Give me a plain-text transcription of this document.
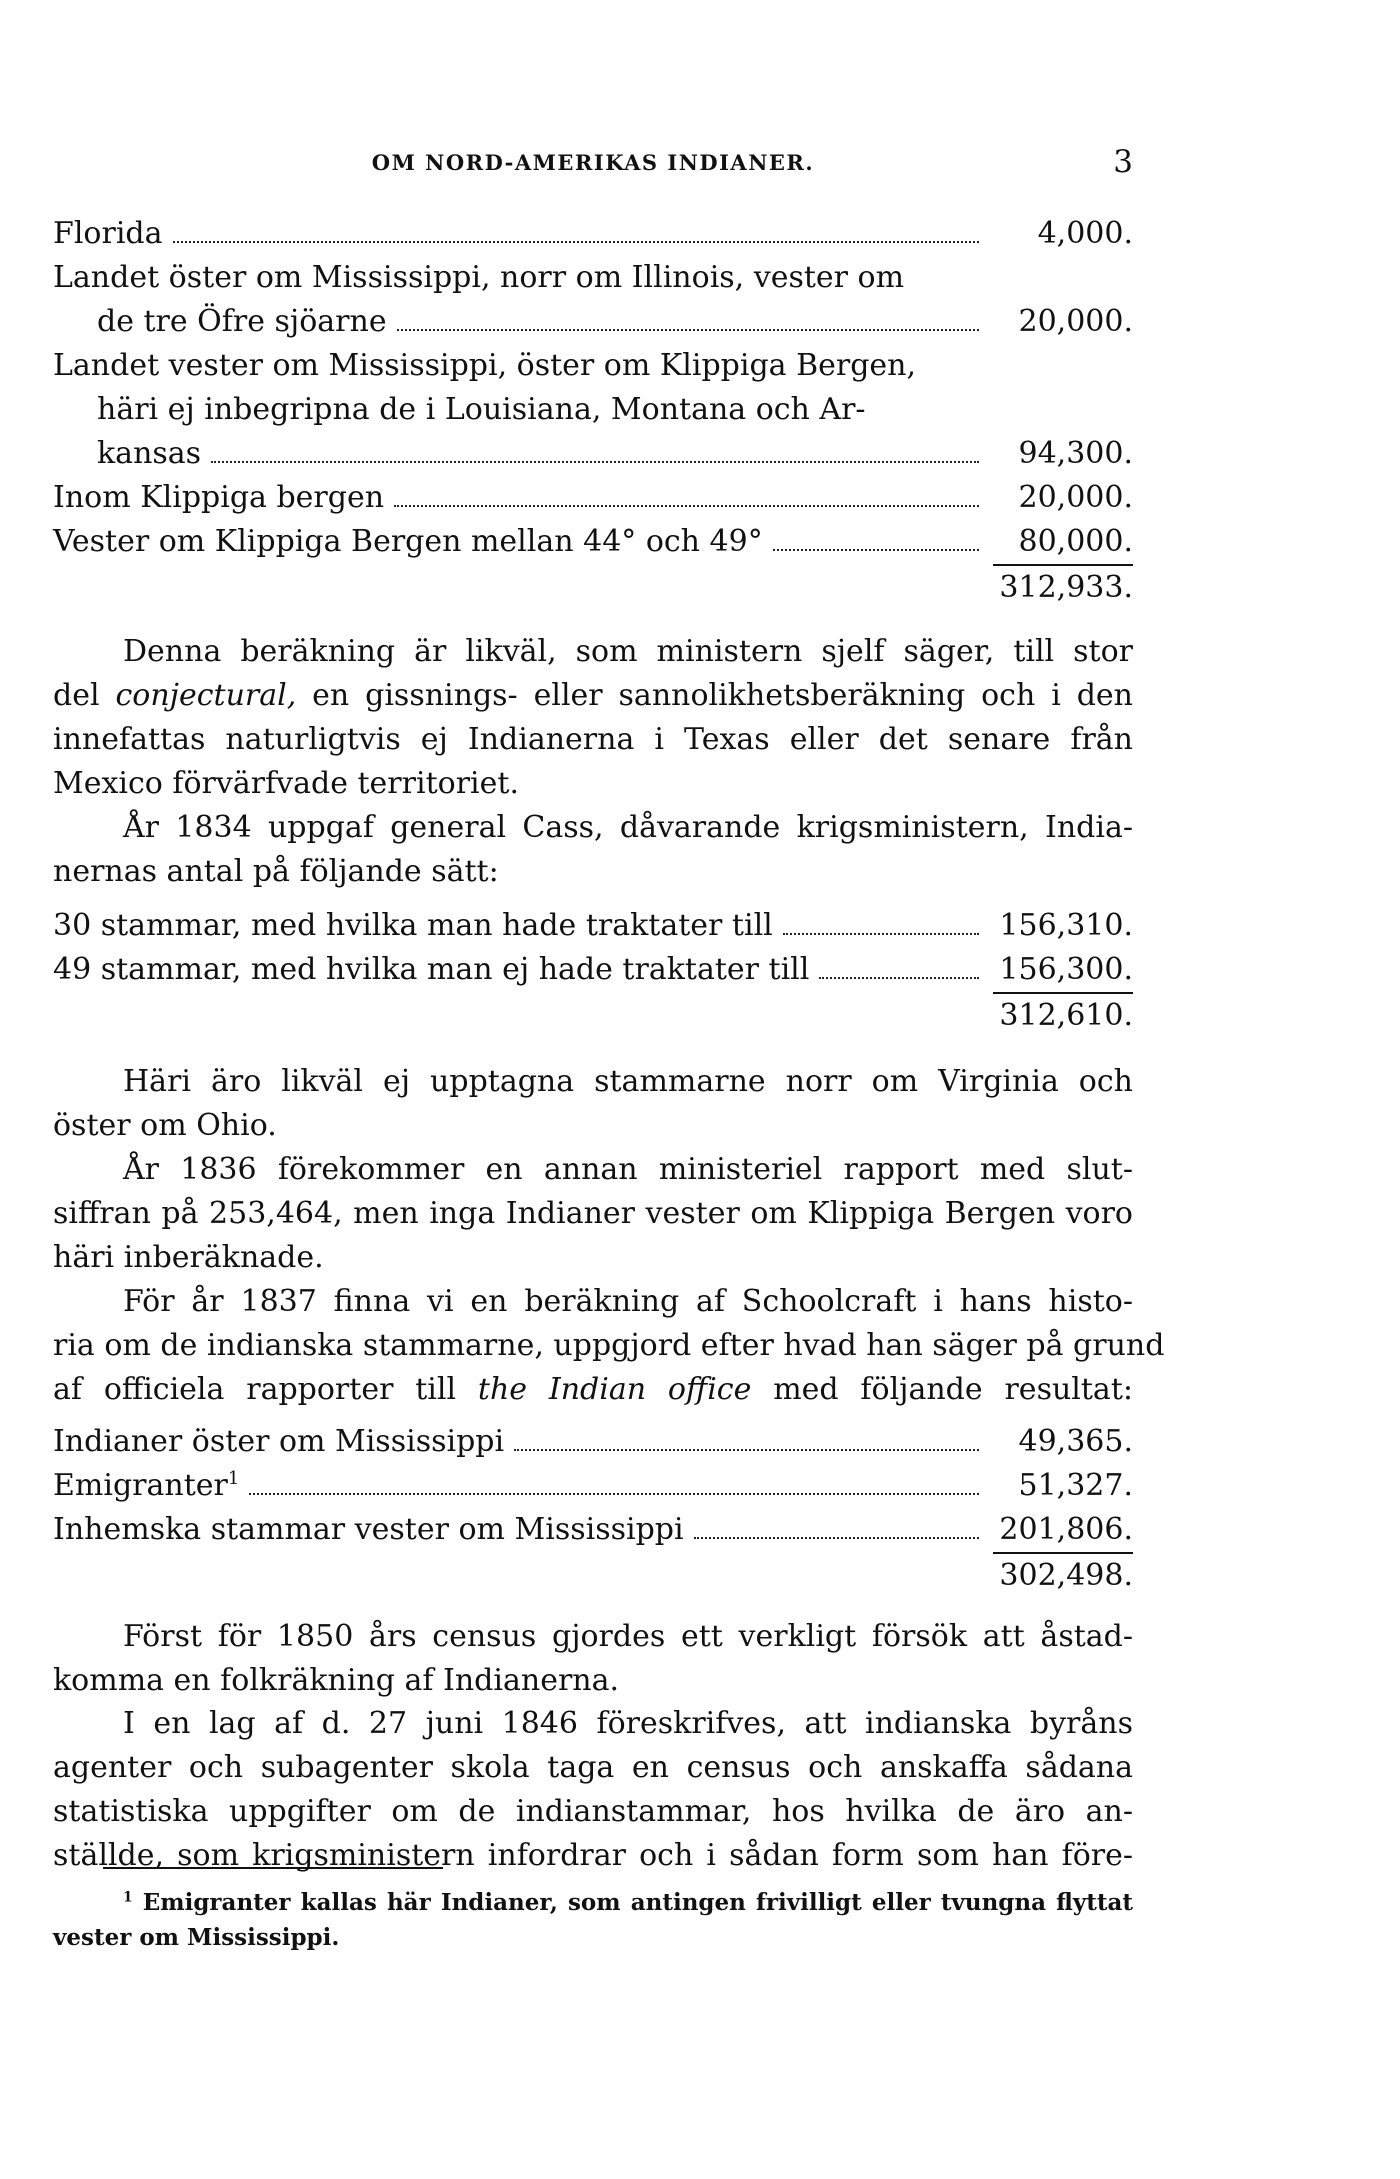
OM NORD-AMERIKAS INDIANER.	3
Florida	4,000.
Landet öster om Mississippi, norr om Illinois, vester om
de tre Öfre sjöarne	20,000.
Landet vester om Mississippi, öster om Klippiga Bergen,
häri ej inbegripna de i Louisiana, Montana och Ar-
kansas	94,300.
Inom Klippiga bergen	20,000.
Vester om Klippiga Bergen mellan 44° och 49°	80,000.
312,933.
Denna beräkning är likväl, som ministern sjelf säger, till stor
del conjectural, en gissnings- eller sannolikhetsberäkning och i den
innefattas naturligtvis ej Indianerna i Texas eller det senare från
Mexico förvärfvade territoriet.
År 1834 uppgaf general Cass, dåvarande krigsministern, India-
nernas antal på följande sätt:
30 stammar, med hvilka man hade traktater till	156,310.
49 stammar, med hvilka man ej hade traktater till	156,300.
312,610.
Häri äro likväl ej upptagna stammarne norr om Virginia och
öster om Ohio.
År 1836 förekommer en annan ministeriel rapport med slut-
siffran på 253,464, men inga Indianer vester om Klippiga Bergen voro
häri inberäknade.
För år 1837 finna vi en beräkning af Schoolcraft i hans histo-
ria om de indianska stammarne, uppgjord efter hvad han säger på grund
af officiela rapporter till the Indian office med följande resultat:
Indianer öster om Mississippi	49,365.
Emigranter$^1$	51,327.
Inhemska stammar vester om Mississippi	201,806.
302,498.
Först för 1850 års census gjordes ett verkligt försök att åstad-
komma en folkräkning af Indianerna.
I en lag af d. 27 juni 1846 föreskrifves, att indianska byråns
agenter och subagenter skola taga en census och anskaffa sådana
statistiska uppgifter om de indianstammar, hos hvilka de äro an-
ställde, som krigsministern infordrar och i sådan form som han före-
$^1$ Emigranter kallas här Indianer, som antingen frivilligt eller tvungna flyttat
vester om Mississippi.
